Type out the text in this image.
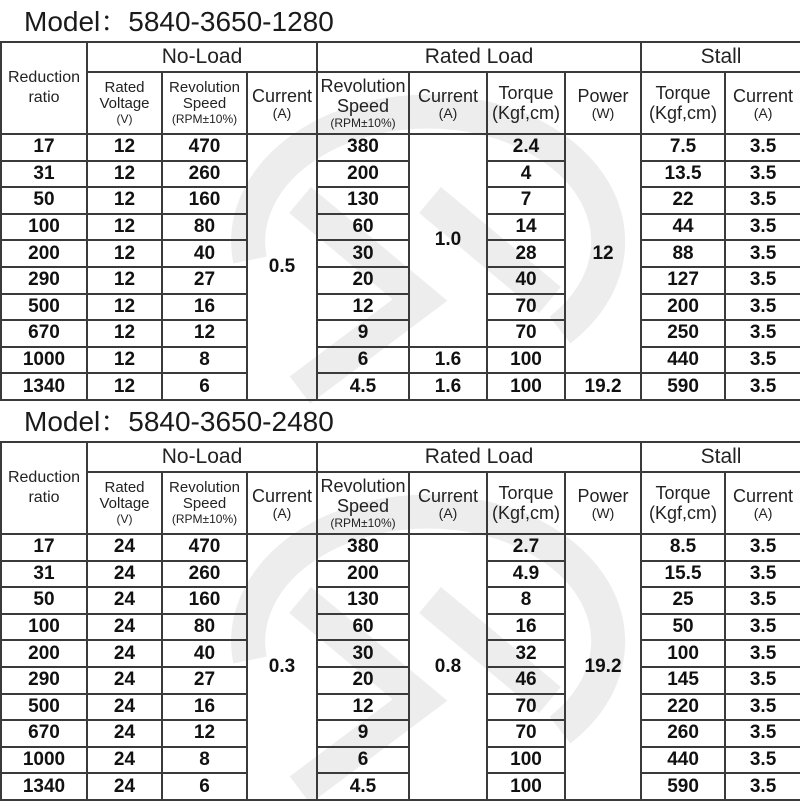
Model：5840-3650-1280
Reduction
ratio	No-Load			Rated Load				Stall	

	Rated
Voltage
(V)	Revolution
Speed
(RPM±10%)	Current
(A)	Revolution
Speed
(RPM±10%)	Current
(A)	Torque
(Kgf,cm)	Power
(W)	Torque
(Kgf,cm)	Current
(A)

17	12	470	0.5	380	1.0	2.4	12	7.5	3.5
31	12	260		200		4		13.5	3.5
50	12	160		130		7		22	3.5
100	12	80		60		14		44	3.5
200	12	40		30		28		88	3.5
290	12	27		20		40		127	3.5
500	12	16		12		70		200	3.5
670	12	12		9		70		250	3.5
1000	12	8		6	1.6	100		440	3.5
1340	12	6		4.5	1.6	100	19.2	590	3.5
Model：5840-3650-2480
Reduction
ratio	No-Load			Rated Load				Stall	

	Rated
Voltage
(V)	Revolution
Speed
(RPM±10%)	Current
(A)	Revolution
Speed
(RPM±10%)	Current
(A)	Torque
(Kgf,cm)	Power
(W)	Torque
(Kgf,cm)	Current
(A)

17	24	470	0.3	380	0.8	2.7	19.2	8.5	3.5
31	24	260		200		4.9		15.5	3.5
50	24	160		130		8		25	3.5
100	24	80		60		16		50	3.5
200	24	40		30		32		100	3.5
290	24	27		20		46		145	3.5
500	24	16		12		70		220	3.5
670	24	12		9		70		260	3.5
1000	24	8		6		100		440	3.5
1340	24	6		4.5		100		590	3.5
